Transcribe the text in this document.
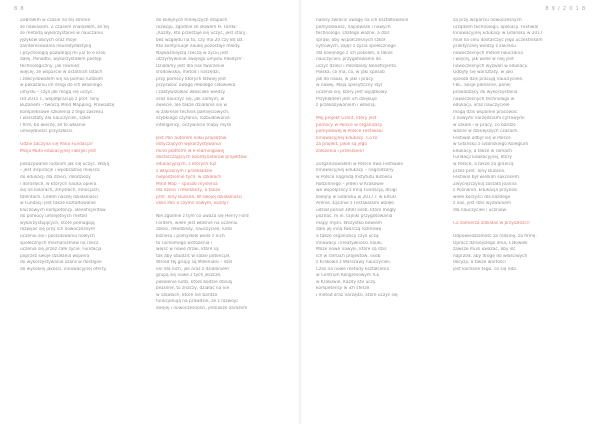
8 8	8 9 / 2 0 1 8

Zebrałem w czasie na tej stronie
ze nawiasem. Z czasem znalazłem, że tej
ze metodą wykorzystanie w nauczaniu
języków obcych oraz moje
zainteresowania neurodydaktyką
i psychologią pozwalają mi już to e krok
dalej. Ponadto, wykorzystałem postęp
technologiczny, jak również
więcej, że wsparcie w ostatnich latach
i zdecydowałem się na pomoc ludziom
w pokazaniu im drogi do ich własnego
umysłu – czyli jak mogą się uczyć.
Od 2015 r., współpracuję z prof. Tony
Buzanem – twórcą Mind Mapping. Prowadzę
kompleksowe szkolenia z tego zakresu
i warsztaty dla nauczycieli, szkół
i firm, bo wierzę, że to właśnie
umiejętności przyszłości.

Gdzie zaczyna się Pana Fundacja?
Misja Mutli edukacyjnej Fabryki jest

pokazywanie ludziom jak się uczyć. Wizją
– jest inspiracje i wyobraźnię miejsca
do edukacji dla dzieci, młodzieży
i dorosłych, w których nauka opiera
się na kolorach, zmysłach, emocjach,
talentach. Celem naszej działalności
w Fundacji jest także kształtowanie
kluczowych kompetencji. Beneficjentów
do pomocy umiejętnych metod
wykorzystujących, które pomagają
rozwijać się przy ich nowoczesnym
uczeniu się i poszukiwaniu nowych
społecznych mechanizmów na rzecz
uczenia się przez całe życie. Fundacja
poprzez swoje działania wspiera
do wykorzystywania szans w dostępie
do wysokiej jakości, innowacyjnej oferty.

do kolejnych mniejszych etapach
rozwoju, zgodnie ze słowem H. Forda:
„Każdy, kto przestaje się uczyć, jest stary,
bez względu na to, czy ma 20 czy 80 lat.
Kto kontynuuje naukę pozostaje młody.
Najważniejszą rzeczą w życiu jest
utrzymywanie swojego umysłu młodym”.
Działamy jest dla nas tworzenie
środowiska, metod i narzędzi,
przy pomocy których łatwiej jest
przyswoić uwagę młodego człowieka
i zaktywizować właściwe wiedzy
oraz nauczyć się, jak samym, w
świecie, ale także działania się w
w zakresie technik pamięciowych,
szybkiego czytania, rozbudowania
inteligencji, oczywiście mapy myśli.

Jest Pan autorem kilku projektów
dotyczących wykorzystywania
mind platform w e-learningowej
dostarczających koordynatorów projektów
edukacyjnych, z których tuż
z włączonym i przekładzie
niepodzielnie tych, w szkołach
Mind Map – sposób myślenia
dla dzieci i młodzieży, a także
prof. Tony Buzana. W swojej działalności
idzie Pan o czymś nowym, każdy?

Nie zgodnie z tym co uważa się Henry Ford
Fordem, wiele jest właśnie na uczeniu
dzieci, młodzieży, nauczycieli, ludzi
biznesu i pomysłów wiele z nich
to ruchomego wdrożenia i
wejść w nowe drzwi, które są
tak aby obudzić w sobie potencjał.
Wśród tej grupy są Millenialsi – dziś
oni dla nich, jak oraz z działaniem
grupą się nowe z tych jeszcze,
pokolenie ludzi, które będzie dzisiaj
bezsilne, to znaczy, działać na nie
w szkołach, które nie bardzo
funkcjonują na prawdzie, że z rozwoju
swojej i nowoczesności, jednakże zarazem

należy zwrócić uwagę na ich kształtowanie
pomysłowość, najnowsze i nowych
technologii. Dlatego ważne, a dziś
spraw, aby współczesnych szkół
cyfrowych, zajęć z życia społecznego
dla kolejnego z ich pokoleń, a także
nauczycieli, przygotowanie do
uczyć dzieci i młodzieży Beneficjenta
Polska, co ma, co, w jaki sposób
jak do nauki, w jaki i pracy
w nowej. Mają specyficzny styl
uczenia się, który jest wyjątkowy.
Przykładem jest ich dziękuje
z przekazywaniem i własną.

Mój projekt Grant, który jest
pomocy w Polsce w organizacji
pomysłowej w Polsce Festiwalu
Innowacyjnej Edukacji. Co to
za projekt, jakie są jego
założenia i przesłanie?

Zorganizowałem w Polsce dwa Festiwale
Innowacyjnej Edukacji – nagrodzony
w Polsce nagrodą Instytutu Biznesu
Rodzinnego – jeden w Krakowie
we współpracy z Inną Fundacją, drugi
kolejny w Gdańsku w 2017 r. w ERGO
Arenie. Łącznie z Festiwalami wzięło
udział ponad 3000 osób, które mogły
poznać, m.in. tajniki przygotowania
mapy myśli. Wszystko bowiem
dało jej inną twórczą rozmowę
a także organizacji czyli uczą
innowacji i kreatywności nauki.
Może nowe nawyki, które są dziś
ich w ramach projektów, osób
z Krakowa z Warszawy nauczycieli.
Czas na nowe metody kształcenia
w Centrum Kongresowym ICE
w Krakowie. Każdy kto uczy
kompetencji w ich sferze
i metod oraz narzędzi, które uczyć się.

są przy wsparciu nowoczesnych
urządzeń technologii, aplikacji. Festiwal
Innowacyjnej Edukacji w Gdańsku w 2017
miał na celu dostarczyć jego uczestnikom
praktycznej wiedzy z zakresu
nowoczesnych metod nauczania
i więcej, jak wiele w niej jest
nowoczesnych wyzwań w edukacji.
Odbyły się warsztaty, w jaki
sposób dziś pracują nauczyciele,
FBC. Sesje plenarne, panel
prowadzący do wykorzystania
nowoczesnych technologii w
edukacji, oraz nauczyciele
mogą dziś wspólnie pracować
z nowymi narzędziami cyfrowymi
w szkole i w pracy, co bardzo
ważne w dzisiejszych czasach.
Festiwal odbył się w Polsce
w Gdańsku z Gdańskiego Kolegium
Edukacji, a także w ramach
Fundacji Edukacyjnej, który
w Polsce, a także za granicą
przez prof. Tony Buzana.
Festiwal był wielkim sukcesem.
Zwyciężczynią została Joanna
z Poznania. Edukacja przynosi
wiele korzyści dla każdego
z nas, jest dziś wyzwaniem
dla nauczycieli i uczniów.

Co zamierza zdziałać w przyszłości?

Odpowiedzialność za rodzinę, za firmę.
Oprócz dzisiejszego dnia, Człowiek
zawsze musi uważać, aby iść
naprzód, aby drogę do właściwych
decyzji, a także wartości
jest kochane tego, co się robi.
